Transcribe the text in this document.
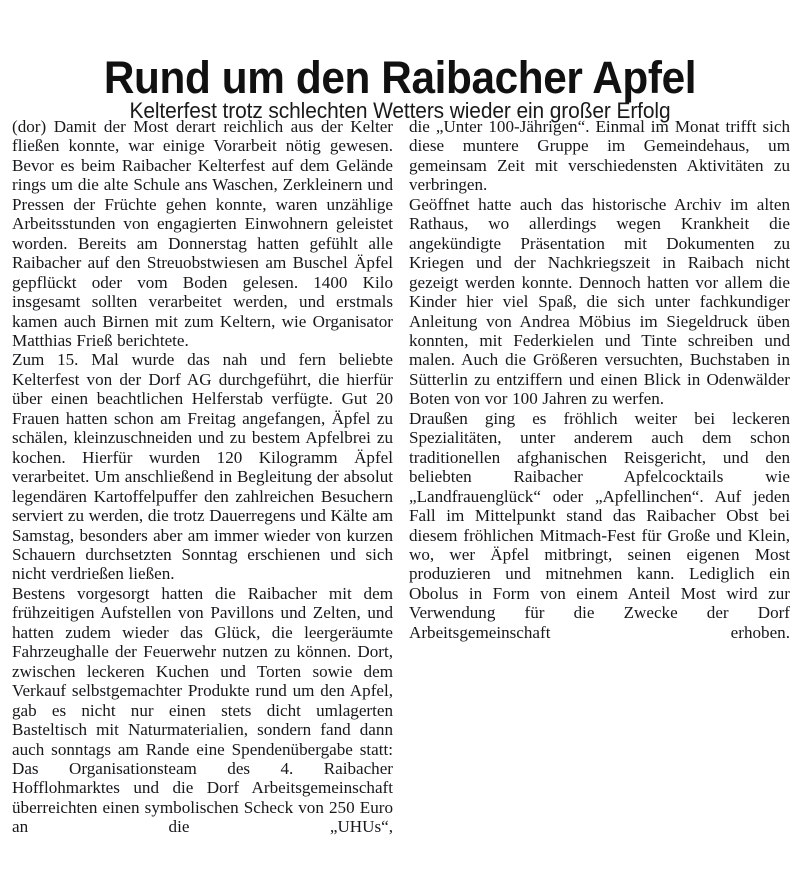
Rund um den Raibacher Apfel
Kelterfest trotz schlechten Wetters wieder ein großer Erfolg

(dor) Damit der Most derart reichlich aus der Kelter fließen konnte, war einige Vorarbeit nötig gewesen. Bevor es beim Raibacher Kelterfest auf dem Gelände rings um die alte Schule ans Waschen, Zerkleinern und Pressen der Früchte gehen konnte, waren unzählige Arbeitsstunden von engagierten Einwohnern geleistet worden. Bereits am Donnerstag hatten gefühlt alle Raibacher auf den Streuobstwiesen am Buschel Äpfel gepflückt oder vom Boden gelesen. 1400 Kilo insgesamt sollten verarbeitet werden, und erstmals kamen auch Birnen mit zum Keltern, wie Organisator Matthias Frieß berichtete.

Zum 15. Mal wurde das nah und fern beliebte Kelterfest von der Dorf AG durchgeführt, die hierfür über einen beachtlichen Helferstab verfügte. Gut 20 Frauen hatten schon am Freitag angefangen, Äpfel zu schälen, kleinzuschneiden und zu bestem Apfelbrei zu kochen. Hierfür wurden 120 Kilogramm Äpfel verarbeitet. Um anschließend in Begleitung der absolut legendären Kartoffelpuffer den zahlreichen Besuchern serviert zu werden, die trotz Dauerregens und Kälte am Samstag, besonders aber am immer wieder von kurzen Schauern durchsetzten Sonntag erschienen und sich nicht verdrießen ließen.

Bestens vorgesorgt hatten die Raibacher mit dem frühzeitigen Aufstellen von Pavillons und Zelten, und hatten zudem wieder das Glück, die leergeräumte Fahrzeughalle der Feuerwehr nutzen zu können. Dort, zwischen leckeren Kuchen und Torten sowie dem Verkauf selbstgemachter Produkte rund um den Apfel, gab es nicht nur einen stets dicht umlagerten Basteltisch mit Naturmaterialien, sondern fand dann auch sonntags am Rande eine Spendenübergabe statt: Das Organisationsteam des 4. Raibacher Hofflohmarktes und die Dorf Arbeitsgemeinschaft überreichten einen symbolischen Scheck von 250 Euro an die „UHUs“,

die „Unter 100-Jährigen“. Einmal im Monat trifft sich diese muntere Gruppe im Gemeindehaus, um gemeinsam Zeit mit verschiedensten Aktivitäten zu verbringen.

Geöffnet hatte auch das historische Archiv im alten Rathaus, wo allerdings wegen Krankheit die angekündigte Präsentation mit Dokumenten zu Kriegen und der Nachkriegszeit in Raibach nicht gezeigt werden konnte. Dennoch hatten vor allem die Kinder hier viel Spaß, die sich unter fachkundiger Anleitung von Andrea Möbius im Siegeldruck üben konnten, mit Federkielen und Tinte schreiben und malen. Auch die Größeren versuchten, Buchstaben in Sütterlin zu entziffern und einen Blick in Odenwälder Boten von vor 100 Jahren zu werfen.

Draußen ging es fröhlich weiter bei leckeren Spezialitäten, unter anderem auch dem schon traditionellen afghanischen Reisgericht, und den beliebten Raibacher Apfelcocktails wie „Landfrauenglück“ oder „Apfellinchen“. Auf jeden Fall im Mittelpunkt stand das Raibacher Obst bei diesem fröhlichen Mitmach-Fest für Große und Klein, wo, wer Äpfel mitbringt, seinen eigenen Most produzieren und mitnehmen kann. Lediglich ein Obolus in Form von einem Anteil Most wird zur Verwendung für die Zwecke der Dorf Arbeitsgemeinschaft erhoben.
